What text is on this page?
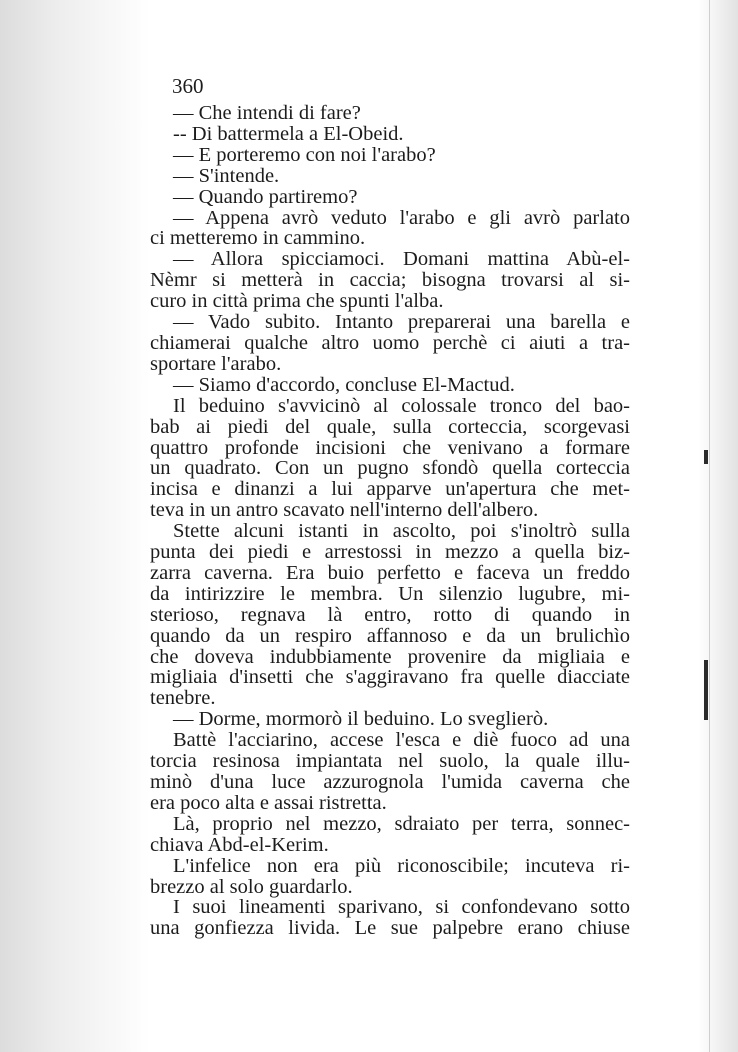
360
— Che intendi di fare?
-- Di battermela a El-Obeid.
— E porteremo con noi l'arabo?
— S'intende.
— Quando partiremo?
— Appena avrò veduto l'arabo e gli avrò parlato
ci metteremo in cammino.
— Allora spicciamoci. Domani mattina Abù-el-
Nèmr si metterà in caccia; bisogna trovarsi al si-
curo in città prima che spunti l'alba.
— Vado subito. Intanto preparerai una barella e
chiamerai qualche altro uomo perchè ci aiuti a tra-
sportare l'arabo.
— Siamo d'accordo, concluse El-Mactud.
Il beduino s'avvicinò al colossale tronco del bao-
bab ai piedi del quale, sulla corteccia, scorgevasi
quattro profonde incisioni che venivano a formare
un quadrato. Con un pugno sfondò quella corteccia
incisa e dinanzi a lui apparve un'apertura che met-
teva in un antro scavato nell'interno dell'albero.
Stette alcuni istanti in ascolto, poi s'inoltrò sulla
punta dei piedi e arrestossi in mezzo a quella biz-
zarra caverna. Era buio perfetto e faceva un freddo
da intirizzire le membra. Un silenzio lugubre, mi-
sterioso, regnava là entro, rotto di quando in
quando da un respiro affannoso e da un brulichìo
che doveva indubbiamente provenire da migliaia e
migliaia d'insetti che s'aggiravano fra quelle diacciate
tenebre.
— Dorme, mormorò il beduino. Lo sveglierò.
Battè l'acciarino, accese l'esca e diè fuoco ad una
torcia resinosa impiantata nel suolo, la quale illu-
minò d'una luce azzurognola l'umida caverna che
era poco alta e assai ristretta.
Là, proprio nel mezzo, sdraiato per terra, sonnec-
chiava Abd-el-Kerim.
L'infelice non era più riconoscibile; incuteva ri-
brezzo al solo guardarlo.
I suoi lineamenti sparivano, si confondevano sotto
una gonfiezza livida. Le sue palpebre erano chiuse
